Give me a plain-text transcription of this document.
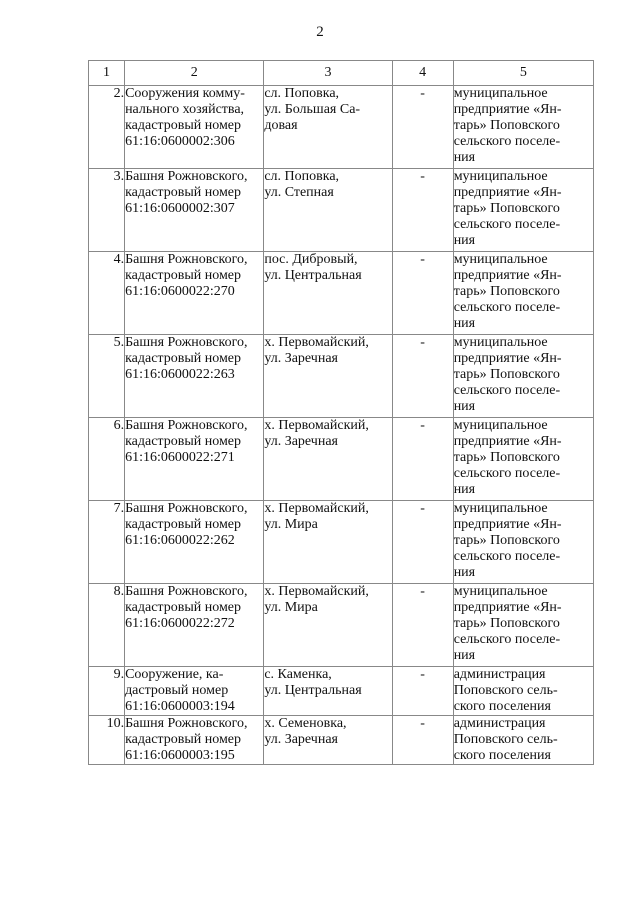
2
1	2	3	4	5
2.	Сооружения комму-
нального хозяйства,
кадастровый номер
61:16:0600002:306	сл. Поповка,
ул. Большая Са-
довая	-	муниципальное
предприятие «Ян-
тарь» Поповского
сельского поселе-
ния

3.	Башня Рожновского,
кадастровый номер
61:16:0600002:307	сл. Поповка,
ул. Степная	-	муниципальное
предприятие «Ян-
тарь» Поповского
сельского поселе-
ния

4.	Башня Рожновского,
кадастровый номер
61:16:0600022:270	пос. Дибровый,
ул. Центральная	-	муниципальное
предприятие «Ян-
тарь» Поповского
сельского поселе-
ния

5.	Башня Рожновского,
кадастровый номер
61:16:0600022:263	х. Первомайский,
ул. Заречная	-	муниципальное
предприятие «Ян-
тарь» Поповского
сельского поселе-
ния

6.	Башня Рожновского,
кадастровый номер
61:16:0600022:271	х. Первомайский,
ул. Заречная	-	муниципальное
предприятие «Ян-
тарь» Поповского
сельского поселе-
ния

7.	Башня Рожновского,
кадастровый номер
61:16:0600022:262	х. Первомайский,
ул. Мира	-	муниципальное
предприятие «Ян-
тарь» Поповского
сельского поселе-
ния

8.	Башня Рожновского,
кадастровый номер
61:16:0600022:272	х. Первомайский,
ул. Мира	-	муниципальное
предприятие «Ян-
тарь» Поповского
сельского поселе-
ния

9.	Сооружение, ка-
дастровый номер
61:16:0600003:194	с. Каменка,
ул. Центральная	-	администрация
Поповского сель-
ского поселения

10.	Башня Рожновского,
кадастровый номер
61:16:0600003:195	х. Семеновка,
ул. Заречная	-	администрация
Поповского сель-
ского поселения
